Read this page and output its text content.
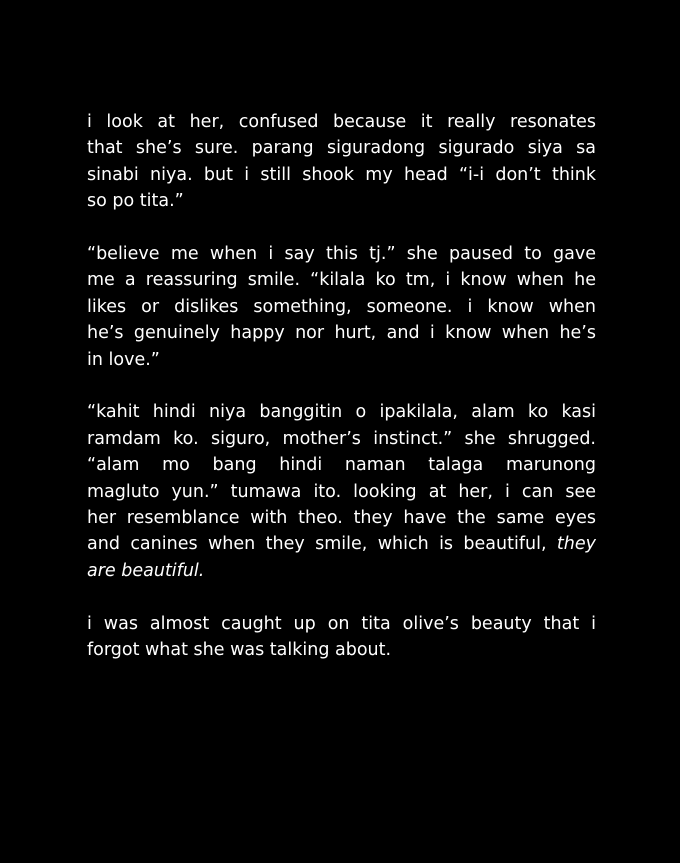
i look at her, confused because it really resonates
that she’s sure. parang siguradong sigurado siya sa
sinabi niya. but i still shook my head “i-i don’t think
so po tita.”
“believe me when i say this tj.” she paused to gave
me a reassuring smile. “kilala ko tm, i know when he
likes or dislikes something, someone. i know when
he’s genuinely happy nor hurt, and i know when he’s
in love.”
“kahit hindi niya banggitin o ipakilala, alam ko kasi
ramdam ko. siguro, mother’s instinct.” she shrugged.
“alam mo bang hindi naman talaga marunong
magluto yun.” tumawa ito. looking at her, i can see
her resemblance with theo. they have the same eyes
and canines when they smile, which is beautiful, they
are beautiful.
i was almost caught up on tita olive’s beauty that i
forgot what she was talking about.
